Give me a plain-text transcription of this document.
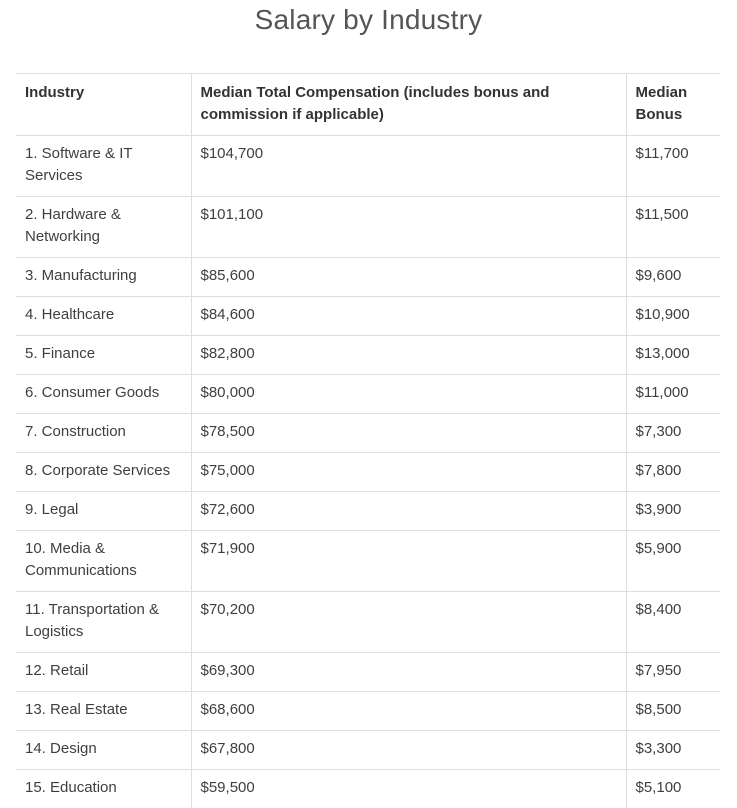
Salary by Industry
Industry	Median Total Compensation (includes bonus and commission if applicable)	Median Bonus
1. Software & IT Services	$104,700	$11,700
2. Hardware & Networking	$101,100	$11,500
3. Manufacturing	$85,600	$9,600
4. Healthcare	$84,600	$10,900
5. Finance	$82,800	$13,000
6. Consumer Goods	$80,000	$11,000
7. Construction	$78,500	$7,300
8. Corporate Services	$75,000	$7,800
9. Legal	$72,600	$3,900
10. Media & Communications	$71,900	$5,900
11. Transportation & Logistics	$70,200	$8,400
12. Retail	$69,300	$7,950
13. Real Estate	$68,600	$8,500
14. Design	$67,800	$3,300
15. Education	$59,500	$5,100
